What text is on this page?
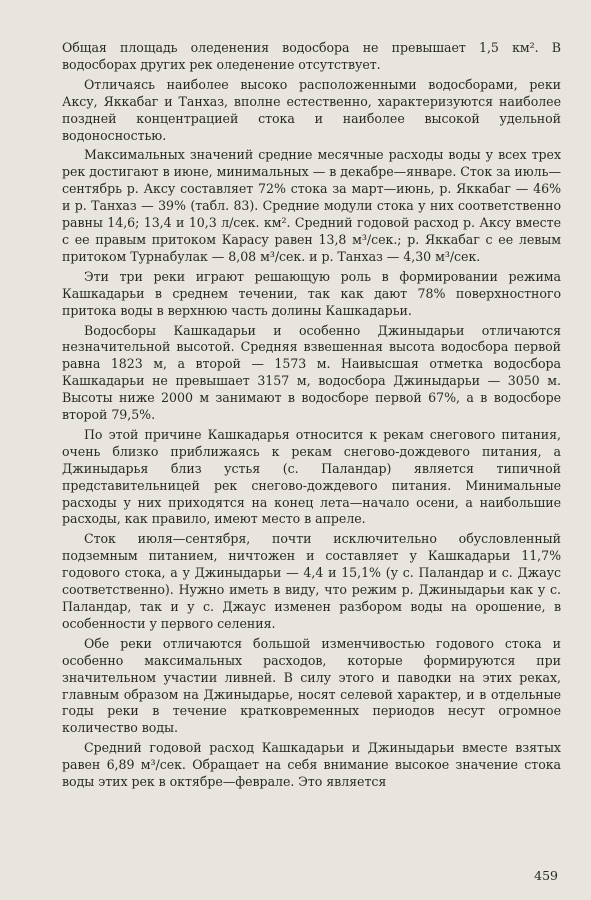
Общая площадь оледенения водосбора не превышает 1,5 км². В водосборах других рек оледенение отсутствует.

Отличаясь наиболее высоко расположенными водосборами, реки Аксу, Яккабаг и Танхаз, вполне естественно, характеризуются наиболее поздней концентрацией стока и наиболее высокой удельной водоносностью.

Максимальных значений средние месячные расходы воды у всех трех рек достигают в июне, минимальных — в декабре—январе. Сток за июль—сентябрь р. Аксу составляет 72% стока за март—июнь, р. Яккабаг — 46% и р. Танхаз — 39% (табл. 83). Средние модули стока у них соответственно равны 14,6; 13,4 и 10,3 л/сек. км². Средний годовой расход р. Аксу вместе с ее правым притоком Карасу равен 13,8 м³/сек.; р. Яккабаг с ее левым притоком Турнабулак — 8,08 м³/сек. и р. Танхаз — 4,30 м³/сек.

Эти три реки играют решающую роль в формировании режима Кашкадарьи в среднем течении, так как дают 78% поверхностного притока воды в верхнюю часть долины Кашкадарьи.

Водосборы Кашкадарьи и особенно Джиныдарьи отличаются незначительной высотой. Средняя взвешенная высота водосбора первой равна 1823 м, а второй — 1573 м. Наивысшая отметка водосбора Кашкадарьи не превышает 3157 м, водосбора Джиныдарьи — 3050 м. Высоты ниже 2000 м занимают в водосборе первой 67%, а в водосборе второй 79,5%.

По этой причине Кашкадарья относится к рекам снегового питания, очень близко приближаясь к рекам снегово-дождевого питания, а Джиныдарья близ устья (с. Паландар) является типичной представительницей рек снегово-дождевого питания. Минимальные расходы у них приходятся на конец лета—начало осени, а наибольшие расходы, как правило, имеют место в апреле.

Сток июля—сентября, почти исключительно обусловленный подземным питанием, ничтожен и составляет у Кашкадарьи 11,7% годового стока, а у Джиныдарьи — 4,4 и 15,1% (у с. Паландар и с. Джаус соответственно). Нужно иметь в виду, что режим р. Джиныдарьи как у с. Паландар, так и у с. Джаус изменен разбором воды на орошение, в особенности у первого селения.

Обе реки отличаются большой изменчивостью годового стока и особенно максимальных расходов, которые формируются при значительном участии ливней. В силу этого и паводки на этих реках, главным образом на Джиныдарье, носят селевой характер, и в отдельные годы реки в течение кратковременных периодов несут огромное количество воды.

Средний годовой расход Кашкадарьи и Джиныдарьи вместе взятых равен 6,89 м³/сек. Обращает на себя внимание высокое значение стока воды этих рек в октябре—феврале. Это является

459
